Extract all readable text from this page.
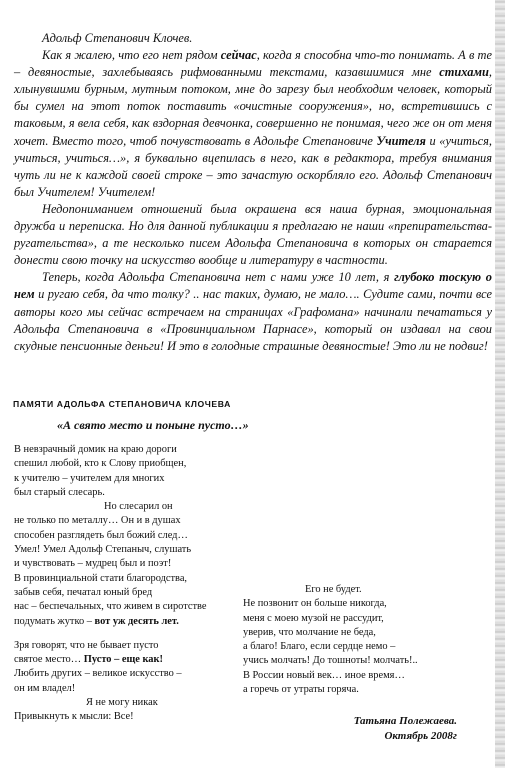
Адольф Степанович Клочев.

Как я жалею, что его нет рядом сейчас, когда я способна что-то понимать. А в те – девяностые, захлебываясь рифмованными текстами, казавшимися мне стихами, хлынувшими бурным, мутным потоком, мне до зарезу был необходим человек, который бы сумел на этот поток поставить «очистные сооружения», но, встретившись с таковым, я вела себя, как вздорная девчонка, совершенно не понимая, чего же он от меня хочет. Вместо того, чтоб почувствовать в Адольфе Степановиче Учителя и «учиться, учиться, учиться…», я буквально вцепилась в него, как в редактора, требуя внимания чуть ли не к каждой своей строке – это зачастую оскорбляло его. Адольф Степанович был Учителем! Учителем!

Недопониманием отношений была окрашена вся наша бурная, эмоциональная дружба и переписка. Но для данной публикации я предлагаю не наши «препирательства-ругательства», а те несколько писем Адольфа Степановича в которых он старается донести свою точку на искусство вообще и литературу в частности.

Теперь, когда Адольфа Степановича нет с нами уже 10 лет, я глубоко тоскую о нем и ругаю себя, да что толку? .. нас таких, думаю, не мало…. Судите сами, почти все авторы кого мы сейчас встречаем на страницах «Графомана» начинали печататься у Адольфа Степановича в «Провинциальном Парнасе», который он издавал на свои скудные пенсионные деньги! И это в голодные страшные девяностые! Это ли не подвиг!

ПАМЯТИ АДОЛЬФА СТЕПАНОВИЧА КЛОЧЕВА
«А свято место и поныне пусто…»
В невзрачный домик на краю дороги
спешил любой, кто к Слову приобщен,
к учителю – учителем для многих
был старый слесарь.
Но слесарил он
не только по металлу… Он и в душах
способен разглядеть был божий след…
Умел! Умел Адольф Степаныч, слушать
и чувствовать – мудрец был и поэт!
В провинциальной стати благородства,
забыв себя, печатал юный бред
нас – беспечальных, что живем в сиротстве
подумать жутко – вот уж десять лет.
Зря говорят, что не бывает пусто
святое место… Пусто – еще как!
Любить других – великое искусство –
он им владел!
Я не могу никак
Привыкнуть к мысли: Все!
Его не будет.
Не позвонит он больше никогда,
меня с моею музой не рассудит,
уверив, что молчание не беда,
а благо! Благо, если сердце немо –
учись молчать! До тошноты! молчать!..
В России новый век… иное время…
а горечь от утраты горяча.
Татьяна Полежаева.
Октябрь 2008г
